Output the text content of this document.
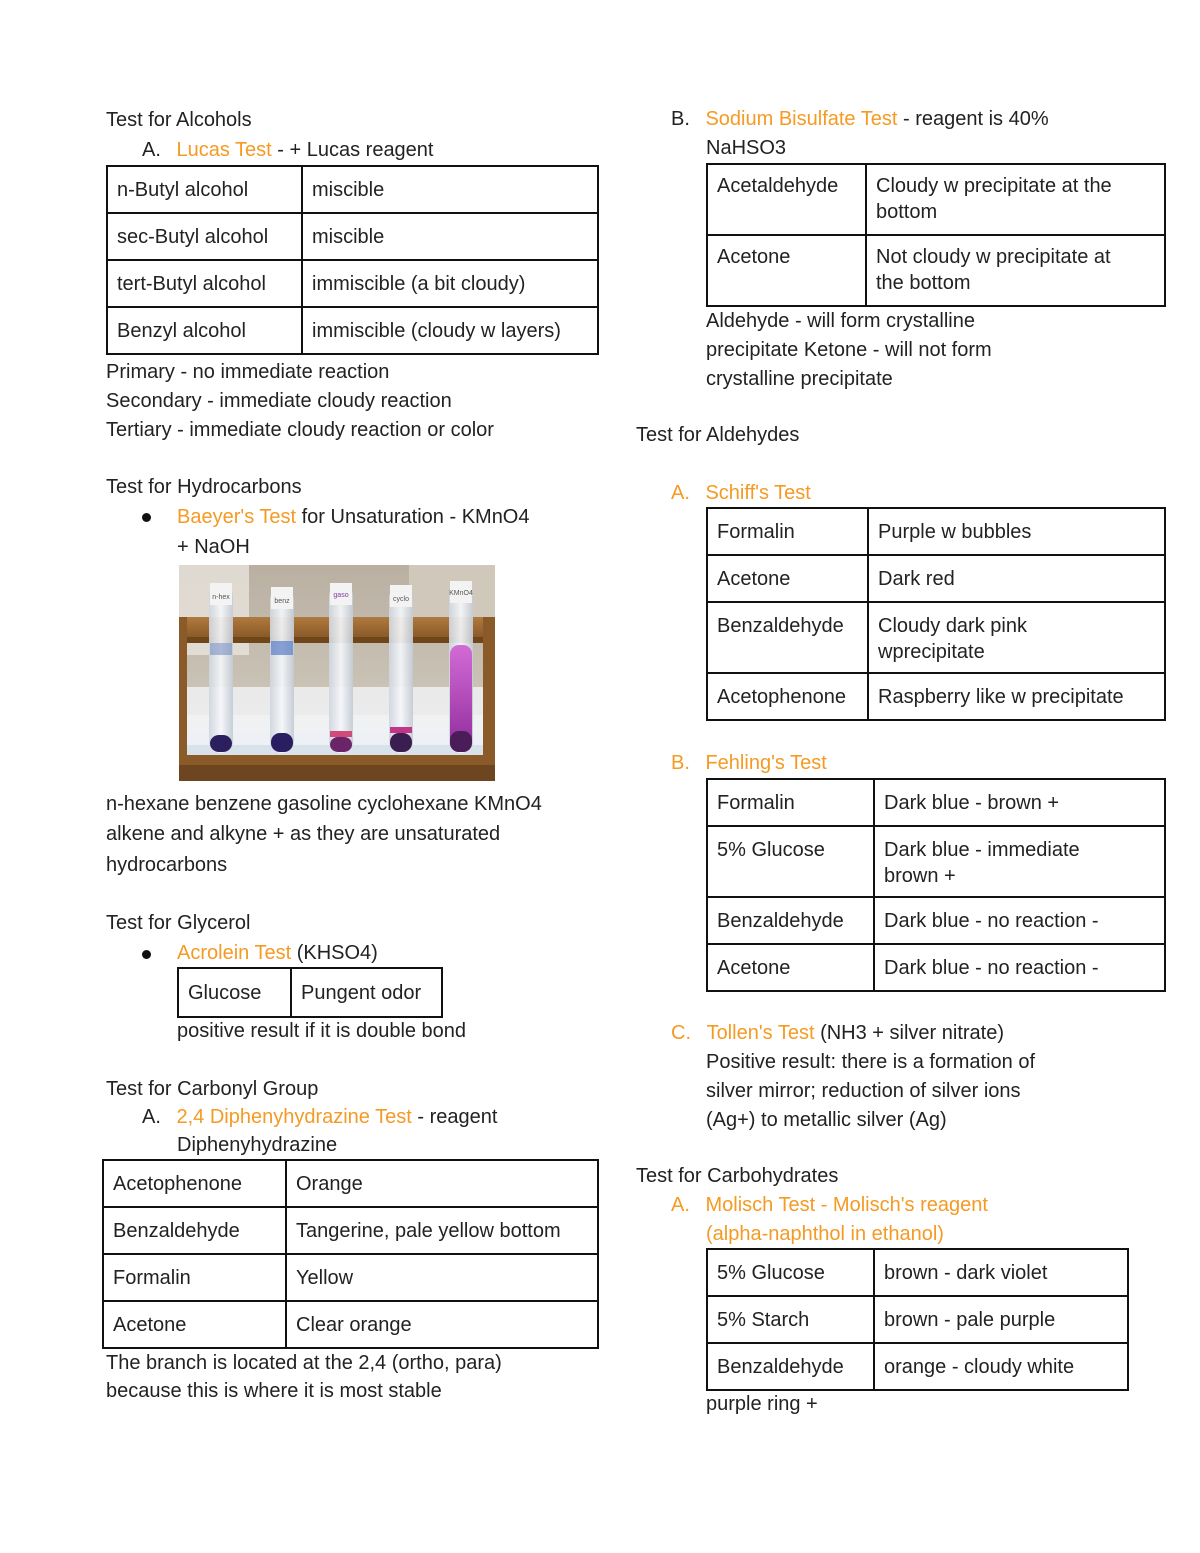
Test for Alcohols
A. Lucas Test - + Lucas reagent
n-Butyl alcohol	miscible
sec-Butyl alcohol	miscible
tert-Butyl alcohol	immiscible (a bit cloudy)
Benzyl alcohol	immiscible (cloudy w layers)
Primary - no immediate reaction
Secondary - immediate cloudy reaction
Tertiary - immediate cloudy reaction or color
Test for Hydrocarbons
Baeyer's Test for Unsaturation - KMnO4
+ NaOH
n-hex
benz
gaso
cyclo
KMnO4
n-hexane benzene gasoline cyclohexane KMnO4
alkene and alkyne + as they are unsaturated
hydrocarbons
Test for Glycerol
Acrolein Test (KHSO4)
Glucose	Pungent odor
positive result if it is double bond
Test for Carbonyl Group
A. 2,4 Diphenyhydrazine Test - reagent
Diphenyhydrazine
Acetophenone	Orange
Benzaldehyde	Tangerine, pale yellow bottom
Formalin	Yellow
Acetone	Clear orange
The branch is located at the 2,4 (ortho, para)
because this is where it is most stable
B. Sodium Bisulfate Test - reagent is 40%
NaHSO3
Acetaldehyde	Cloudy w precipitate at the
bottom

Acetone	Not cloudy w precipitate at
the bottom
Aldehyde - will form crystalline
precipitate Ketone - will not form
crystalline precipitate
Test for Aldehydes
A. Schiff's Test
Formalin	Purple w bubbles
Acetone	Dark red
Benzaldehyde	Cloudy dark pink
wprecipitate

Acetophenone	Raspberry like w precipitate
B. Fehling's Test
Formalin	Dark blue - brown +
5% Glucose	Dark blue - immediate
brown +

Benzaldehyde	Dark blue - no reaction -
Acetone	Dark blue - no reaction -
C. Tollen's Test (NH3 + silver nitrate)
Positive result: there is a formation of
silver mirror; reduction of silver ions
(Ag+) to metallic silver (Ag)
Test for Carbohydrates
A. Molisch Test - Molisch's reagent
(alpha-naphthol in ethanol)
5% Glucose	brown - dark violet
5% Starch	brown - pale purple
Benzaldehyde	orange - cloudy white
purple ring +
